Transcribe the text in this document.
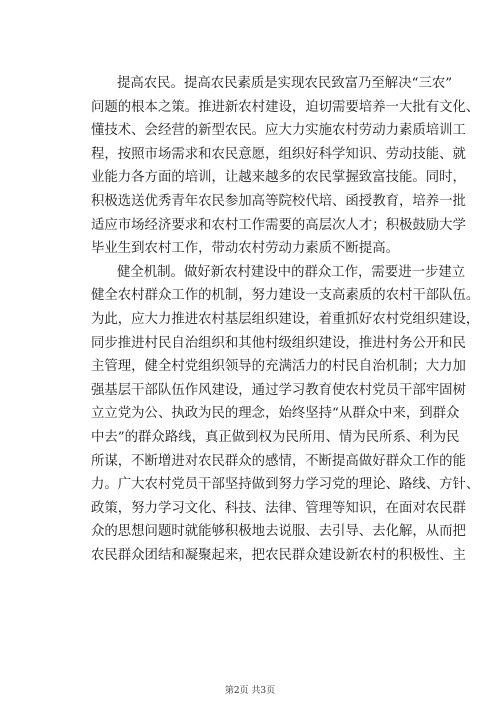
提高农民。提高农民素质是实现农民致富乃至解决“三农”
问题的根本之策。推进新农村建设，迫切需要培养一大批有文化、
懂技术、会经营的新型农民。应大力实施农村劳动力素质培训工
程，按照市场需求和农民意愿，组织好科学知识、劳动技能、就
业能力各方面的培训，让越来越多的农民掌握致富技能。同时，
积极选送优秀青年农民参加高等院校代培、函授教育，培养一批
适应市场经济要求和农村工作需要的高层次人才；积极鼓励大学
毕业生到农村工作，带动农村劳动力素质不断提高。
健全机制。做好新农村建设中的群众工作，需要进一步建立
健全农村群众工作的机制，努力建设一支高素质的农村干部队伍。
为此，应大力推进农村基层组织建设，着重抓好农村党组织建设，
同步推进村民自治组织和其他村级组织建设，推进村务公开和民
主管理，健全村党组织领导的充满活力的村民自治机制；大力加
强基层干部队伍作风建设，通过学习教育使农村党员干部牢固树
立立党为公、执政为民的理念，始终坚持“从群众中来，到群众
中去”的群众路线，真正做到权为民所用、情为民所系、利为民
所谋，不断增进对农民群众的感情，不断提高做好群众工作的能
力。广大农村党员干部坚持做到努力学习党的理论、路线、方针、
政策，努力学习文化、科技、法律、管理等知识，在面对农民群
众的思想问题时就能够积极地去说服、去引导、去化解，从而把
农民群众团结和凝聚起来，把农民群众建设新农村的积极性、主
第2页 共3页
